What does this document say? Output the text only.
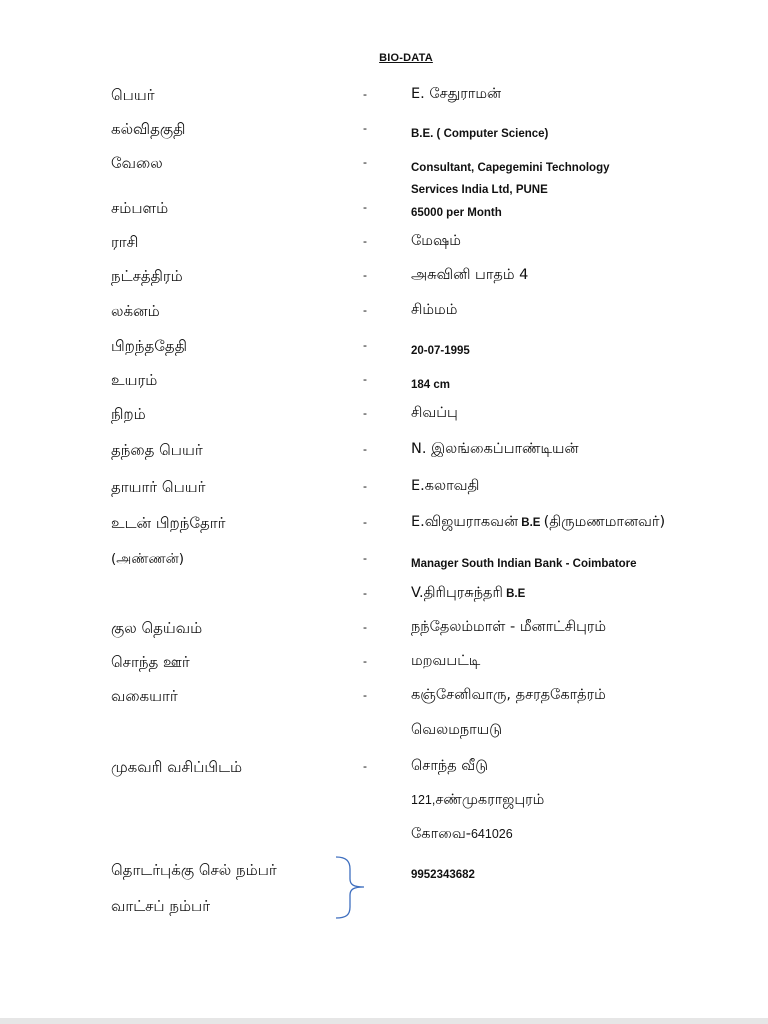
BIO-DATA
பெயர்	-	E. சேதுராமன்
கல்விதகுதி	-	B.E. ( Computer Science)
வேலை	-	Consultant, Capegemini Technology
Services India Ltd, PUNE
சம்பளம்	-	65000 per Month
ராசி	-	மேஷம்
நட்சத்திரம்	-	அசுவினி பாதம் 4
லக்னம்	-	சிம்மம்
பிறந்ததேதி	-	20-07-1995
உயரம்	-	184 cm
நிறம்	-	சிவப்பு
தந்தை பெயர்	-	N. இலங்கைப்பாண்டியன்
தாயார் பெயர்	-	E.கலாவதி
உடன் பிறந்தோர்	-	E.விஜயராகவன் B.E (திருமணமானவர்)
(அண்ணன்)	-	Manager South Indian Bank - Coimbatore
-	V.திரிபுரசுந்தரி B.E
குல தெய்வம்	-	நந்தேலம்மாள் - மீனாட்சிபுரம்
சொந்த ஊர்	-	மறவபட்டி
வகையார்	-	கஞ்சேனிவாரு, தசரதகோத்ரம்
வெலமநாயடு
முகவரி வசிப்பிடம்	-	சொந்த வீடு
121,சண்முகராஜபுரம்
கோவை-641026
தொடர்புக்கு செல் நம்பர்	9952343682
வாட்சப் நம்பர்
